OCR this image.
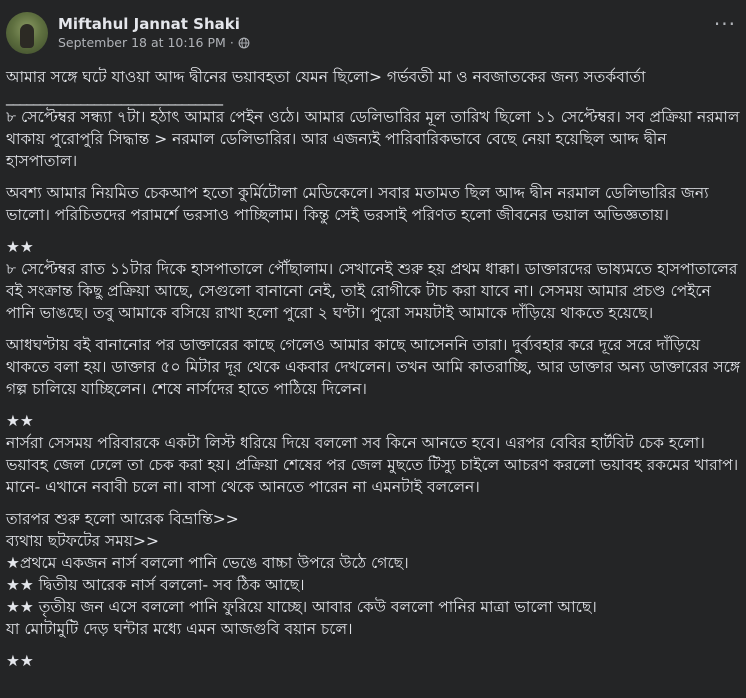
Miftahul Jannat Shaki
September 18 at 10:16 PM ·
···

আমার সঙ্গে ঘটে যাওয়া আদ্দ দ্বীনের ভয়াবহতা যেমন ছিলো> গর্ভবতী মা ও নবজাতকের জন্য সতর্কবার্তা

________________________________

৮ সেপ্টেম্বর সন্ধ্যা ৭টা। হঠাৎ আমার পেইন ওঠে। আমার ডেলিভারির মূল তারিখ ছিলো ১১ সেপ্টেম্বর। সব প্রক্রিয়া নরমাল থাকায় পুরোপুরি সিদ্ধান্ত > নরমাল ডেলিভারির। আর এজন্যই পারিবারিকভাবে বেছে নেয়া হয়েছিল আদ্দ দ্বীন হাসপাতাল।

অবশ্য আমার নিয়মিত চেকআপ হতো কুর্মিটোলা মেডিকেলে। সবার মতামত ছিল আদ্দ দ্বীন নরমাল ডেলিভারির জন্য ভালো। পরিচিতদের পরামর্শে ভরসাও পাচ্ছিলাম। কিন্তু সেই ভরসাই পরিণত হলো জীবনের ভয়াল অভিজ্ঞতায়।

★★

৮ সেপ্টেম্বর রাত ১১টার দিকে হাসপাতালে পৌঁছালাম। সেখানেই শুরু হয় প্রথম ধাক্কা। ডাক্তারদের ভাষ্যমতে হাসপাতালের বই সংক্রান্ত কিছু প্রক্রিয়া আছে, সেগুলো বানানো নেই, তাই রোগীকে টাচ করা যাবে না। সেসময় আমার প্রচণ্ড পেইনে পানি ভাঙছে। তবু আমাকে বসিয়ে রাখা হলো পুরো ২ ঘণ্টা। পুরো সময়টাই আমাকে দাঁড়িয়ে থাকতে হয়েছে।

আধঘণ্টায় বই বানানোর পর ডাক্তারের কাছে গেলেও আমার কাছে আসেননি তারা। দুর্ব্যবহার করে দূরে সরে দাঁড়িয়ে থাকতে বলা হয়। ডাক্তার ৫০ মিটার দূর থেকে একবার দেখলেন। তখন আমি কাতরাচ্ছি, আর ডাক্তার অন্য ডাক্তারের সঙ্গে গল্প চালিয়ে যাচ্ছিলেন। শেষে নার্সদের হাতে পাঠিয়ে দিলেন।

★★

নার্সরা সেসময় পরিবারকে একটা লিস্ট ধরিয়ে দিয়ে বললো সব কিনে আনতে হবে। এরপর বেবির হার্টবিট চেক হলো। ভয়াবহ জেল ঢেলে তা চেক করা হয়। প্রক্রিয়া শেষের পর জেল মুছতে টিস্যু চাইলে আচরণ করলো ভয়াবহ রকমের খারাপ। মানে- এখানে নবাবী চলে না। বাসা থেকে আনতে পারেন না এমনটাই বললেন।

তারপর শুরু হলো আরেক বিভ্রান্তি>>

ব্যথায় ছটফটের সময়>>

★প্রথমে একজন নার্স বললো পানি ভেঙে বাচ্চা উপরে উঠে গেছে।

★★ দ্বিতীয় আরেক নার্স বললো- সব ঠিক আছে।

★★ তৃতীয় জন এসে বললো পানি ফুরিয়ে যাচ্ছে। আবার কেউ বললো পানির মাত্রা ভালো আছে।

যা মোটামুটি দেড় ঘন্টার মধ্যে এমন আজগুবি বয়ান চলে।

★★
